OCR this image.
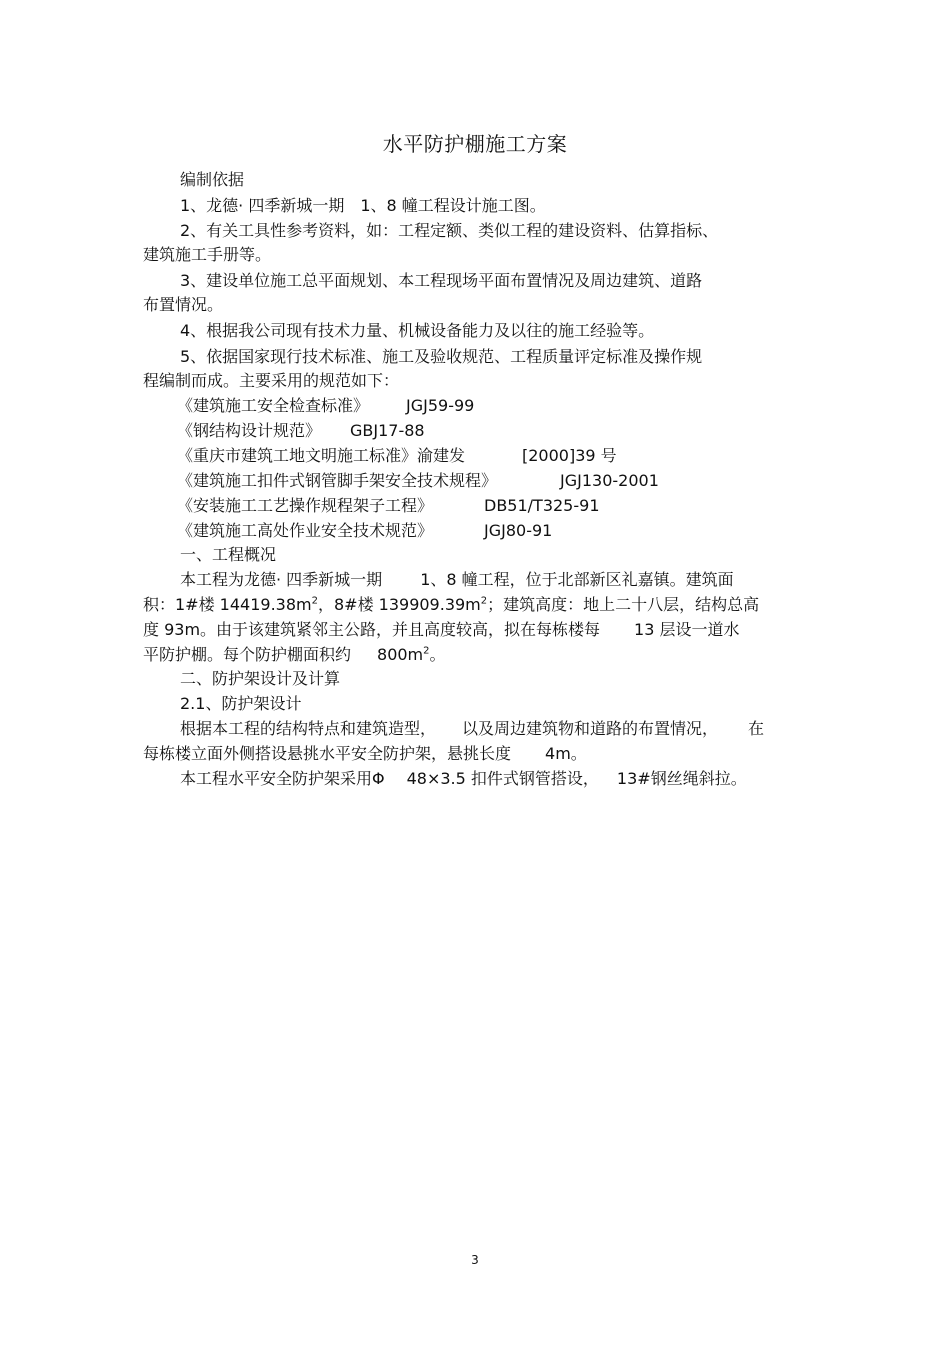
水平防护棚施工方案
编制依据
1、龙德· 四季新城一期　1、8 幢工程设计施工图。
2、有关工具性参考资料，如：工程定额、类似工程的建设资料、估算指标、
建筑施工手册等。
3、建设单位施工总平面规划、本工程现场平面布置情况及周边建筑、道路
布置情况。
4、根据我公司现有技术力量、机械设备能力及以往的施工经验等。
5、依据国家现行技术标准、施工及验收规范、工程质量评定标准及操作规
程编制而成。主要采用的规范如下：
《建筑施工安全检查标准》 JGJ59-99
《钢结构设计规范》 GBJ17-88
《重庆市建筑工地文明施工标准》渝建发	[2000]39 号
《建筑施工扣件式钢管脚手架安全技术规程》	JGJ130-2001
《安装施工工艺操作规程架子工程》	DB51/T325-91
《建筑施工高处作业安全技术规范》	JGJ80-91
一、工程概况
本工程为龙德· 四季新城一期 1、8 幢工程，位于北部新区礼嘉镇。建筑面
积：1#楼 $14419.38m^2$，8#楼 $139909.39m^2$；建筑高度：地上二十八层，结构总高
度 93m。由于该建筑紧邻主公路，并且高度较高，拟在每栋楼每 13 层设一道水
平防护棚。每个防护棚面积约 $800m^2$。
二、防护架设计及计算
2.1、防护架设计
根据本工程的结构特点和建筑造型， 以及周边建筑物和道路的布置情况， 在
每栋楼立面外侧搭设悬挑水平安全防护架，悬挑长度 4m。
本工程水平安全防护架采用Φ 48×3.5 扣件式钢管搭设， 13#钢丝绳斜拉。
3
